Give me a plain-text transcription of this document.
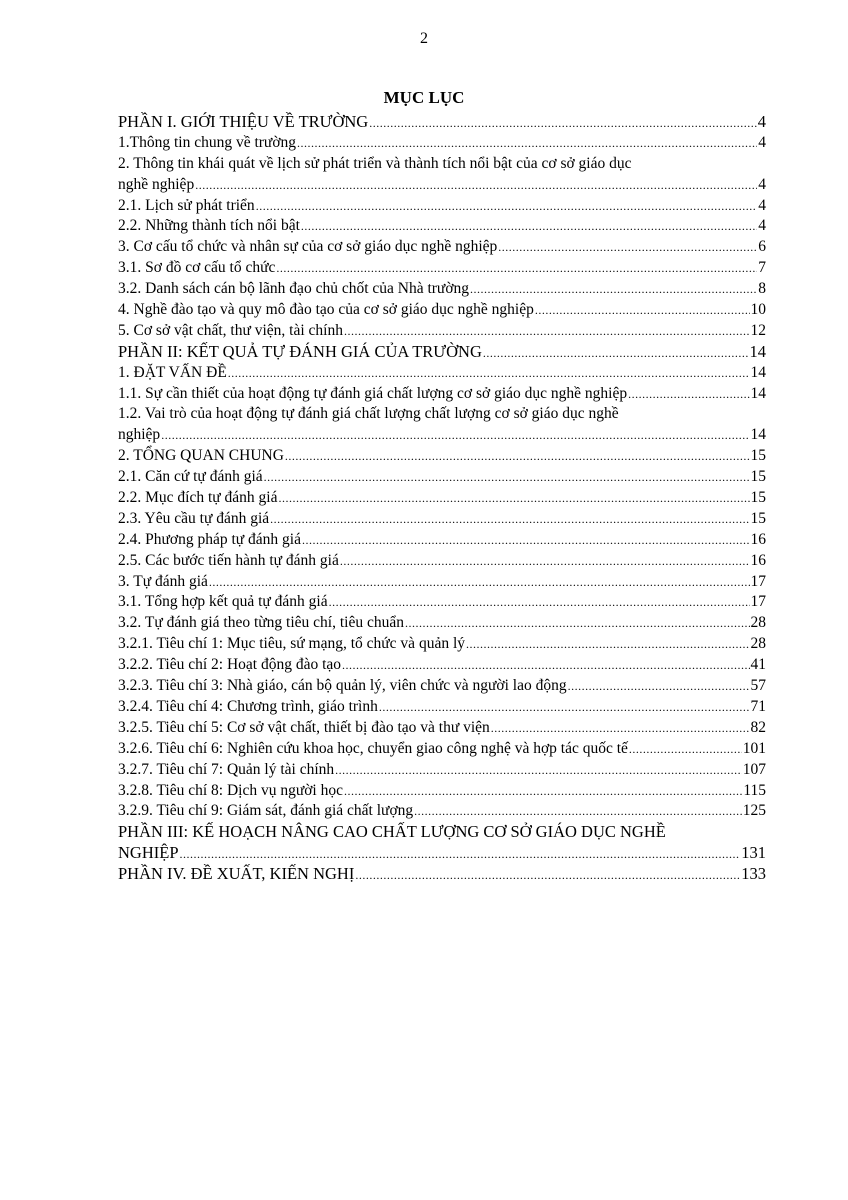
2
MỤC LỤC
PHẦN I. GIỚI THIỆU VỀ TRƯỜNG .....	4
1.Thông tin chung về trường .....	4
2. Thông tin khái quát về lịch sử phát triển và thành tích nổi bật của cơ sở giáo dục
nghề nghiệp .....	4
2.1. Lịch sử phát triển .....	4
2.2. Những thành tích nổi bật .....	4
3. Cơ cấu tổ chức và nhân sự của cơ sở giáo dục nghề nghiệp .....	6
3.1. Sơ đồ cơ cấu tổ chức .....	7
3.2. Danh sách cán bộ lãnh đạo chủ chốt của Nhà trường .....	8
4. Nghề đào tạo và quy mô đào tạo của cơ sở giáo dục nghề nghiệp .....	10
5. Cơ sở vật chất, thư viện, tài chính .....	12
PHẦN II: KẾT QUẢ TỰ ĐÁNH GIÁ CỦA TRƯỜNG .....	14
1. ĐẶT VẤN ĐỀ .....	14
1.1. Sự cần thiết của hoạt động tự đánh giá chất lượng cơ sở giáo dục nghề nghiệp .....	14
1.2. Vai trò của hoạt động tự đánh giá chất lượng chất lượng cơ sở giáo dục nghề
nghiệp .....	14
2. TỔNG QUAN CHUNG .....	15
2.1. Căn cứ tự đánh giá .....	15
2.2. Mục đích tự đánh giá .....	15
2.3. Yêu cầu tự đánh giá .....	15
2.4. Phương pháp tự đánh giá .....	16
2.5. Các bước tiến hành tự đánh giá .....	16
3. Tự đánh giá .....	17
3.1. Tổng hợp kết quả tự đánh giá .....	17
3.2. Tự đánh giá theo từng tiêu chí, tiêu chuẩn .....	28
3.2.1. Tiêu chí 1: Mục tiêu, sứ mạng, tổ chức và quản lý .....	28
3.2.2. Tiêu chí 2: Hoạt động đào tạo .....	41
3.2.3. Tiêu chí 3: Nhà giáo, cán bộ quản lý, viên chức và người lao động .....	57
3.2.4. Tiêu chí 4: Chương trình, giáo trình .....	71
3.2.5. Tiêu chí 5: Cơ sở vật chất, thiết bị đào tạo và thư viện .....	82
3.2.6. Tiêu chí 6: Nghiên cứu khoa học, chuyển giao công nghệ và hợp tác quốc tế .....	101
3.2.7. Tiêu chí 7: Quản lý tài chính .....	107
3.2.8. Tiêu chí 8: Dịch vụ người học .....	115
3.2.9. Tiêu chí 9: Giám sát, đánh giá chất lượng .....	125
PHẦN III: KẾ HOẠCH NÂNG CAO CHẤT LƯỢNG CƠ SỞ GIÁO DỤC NGHỀ
NGHIỆP .....	131
PHẦN IV. ĐỀ XUẤT, KIẾN NGHỊ .....	133
